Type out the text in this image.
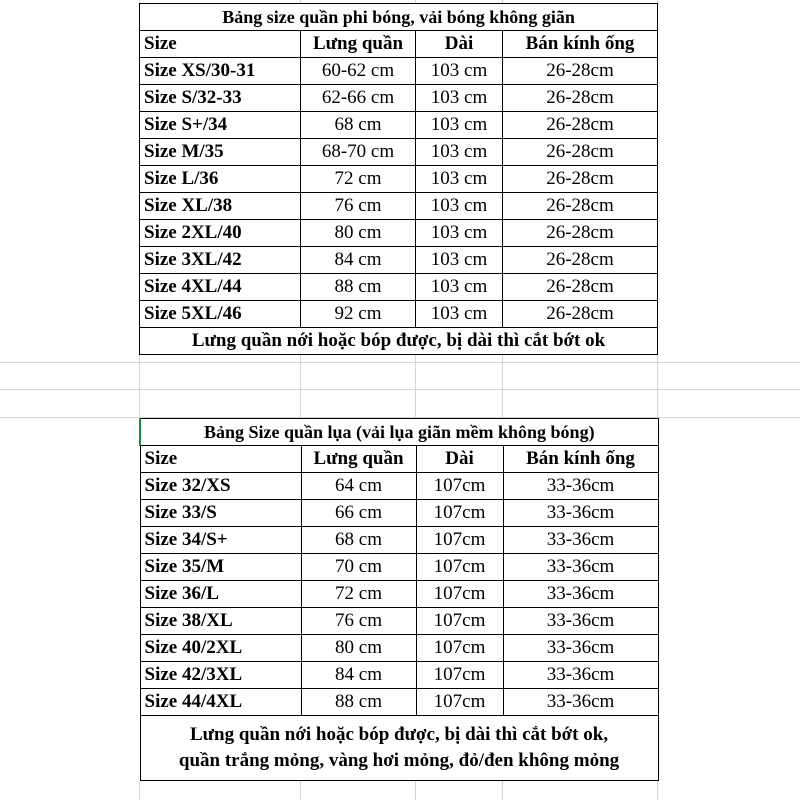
Bảng size quần phi bóng, vải bóng không giãn			
Size	Lưng quần	Dài	Bán kính ống
Size XS/30-31	60-62 cm	103 cm	26-28cm
Size S/32-33	62-66 cm	103 cm	26-28cm
Size S+/34	68 cm	103 cm	26-28cm
Size M/35	68-70 cm	103 cm	26-28cm
Size L/36	72 cm	103 cm	26-28cm
Size XL/38	76 cm	103 cm	26-28cm
Size 2XL/40	80 cm	103 cm	26-28cm
Size 3XL/42	84 cm	103 cm	26-28cm
Size 4XL/44	88 cm	103 cm	26-28cm
Size 5XL/46	92 cm	103 cm	26-28cm
Lưng quần nới hoặc bóp được, bị dài thì cắt bớt ok			
Bảng Size quần lụa (vải lụa giãn mềm không bóng)			
Size	Lưng quần	Dài	Bán kính ống
Size 32/XS	64 cm	107cm	33-36cm
Size 33/S	66 cm	107cm	33-36cm
Size 34/S+	68 cm	107cm	33-36cm
Size 35/M	70 cm	107cm	33-36cm
Size 36/L	72 cm	107cm	33-36cm
Size 38/XL	76 cm	107cm	33-36cm
Size 40/2XL	80 cm	107cm	33-36cm
Size 42/3XL	84 cm	107cm	33-36cm
Size 44/4XL	88 cm	107cm	33-36cm

Lưng quần nới hoặc bóp được, bị dài thì cắt bớt ok,
quần trắng mỏng, vàng hơi mỏng, đỏ/đen không mỏng			
